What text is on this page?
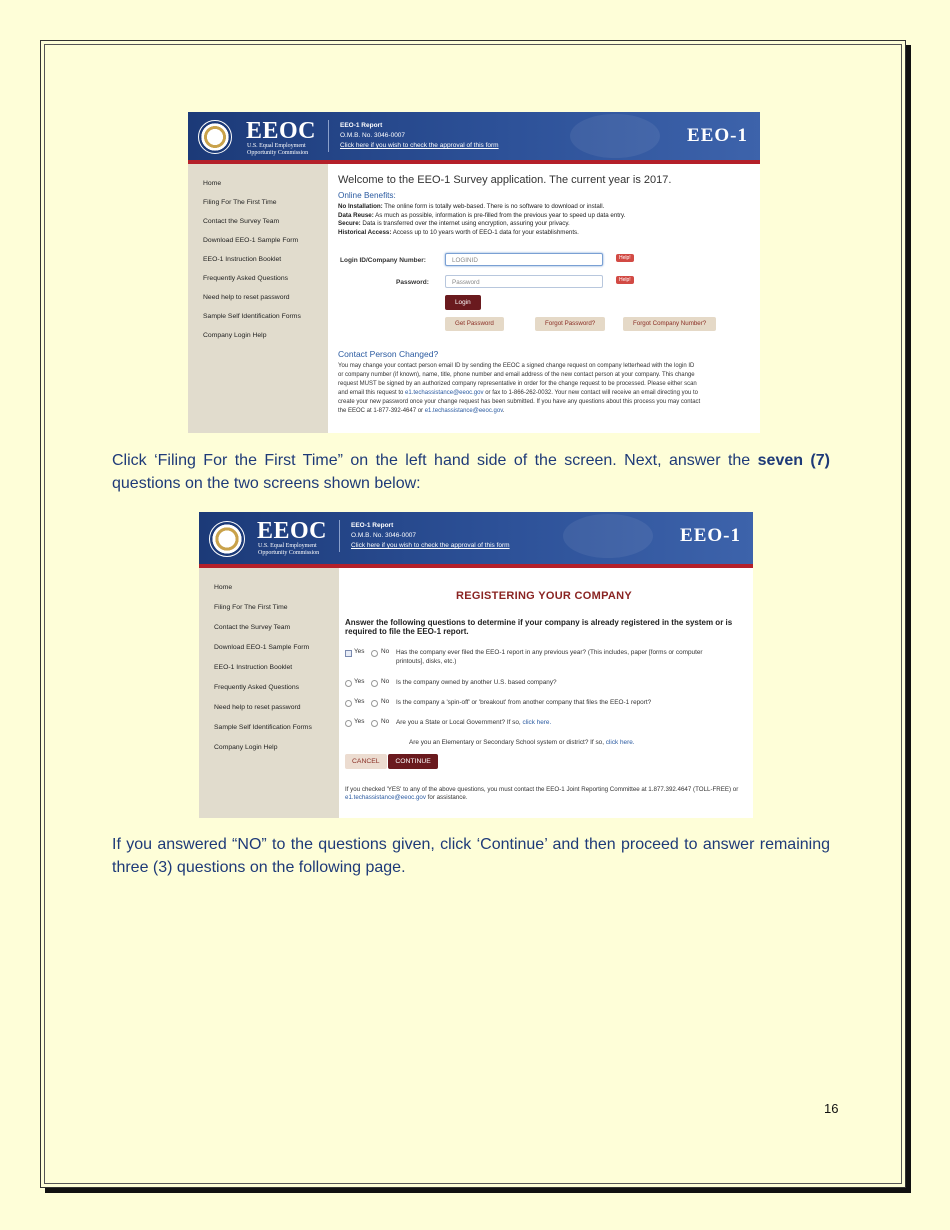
EEOC
U.S. Equal Employment
Opportunity Commission
EEO-1 Report
O.M.B. No. 3046-0007
Click here if you wish to check the approval of this form	EEO-1
Home
Filing For The First Time
Contact the Survey Team
Download EEO-1 Sample Form
EEO-1 Instruction Booklet
Frequently Asked Questions
Need help to reset password
Sample Self Identification Forms
Company Login Help
Welcome to the EEO-1 Survey application. The current year is 2017.
Online Benefits:
No Installation: The online form is totally web-based. There is no software to download or install.
Data Reuse: As much as possible, information is pre-filled from the previous year to speed up data entry.
Secure: Data is transferred over the internet using encryption, assuring your privacy.
Historical Access: Access up to 10 years worth of EEO-1 data for your establishments.
Login ID/Company Number:	LOGINID	Help!
Password:	Password	Help!
Login
Get Password	Forgot Password?	Forgot Company Number?
Contact Person Changed?
You may change your contact person email ID by sending the EEOC a signed change request on company letterhead with the login ID
or company number (if known), name, title, phone number and email address of the new contact person at your company. This change
request MUST be signed by an authorized company representative in order for the change request to be processed. Please either scan
and email this request to e1.techassistance@eeoc.gov or fax to 1-866-262-0032. Your new contact will receive an email directing you to
create your new password once your change request has been submitted. If you have any questions about this process you may contact
the EEOC at 1-877-392-4647 or e1.techassistance@eeoc.gov.
Click ‘Filing For the First Time” on the left hand side of the screen. Next, answer the seven (7) questions on the two screens shown below:
EEOC
U.S. Equal Employment
Opportunity Commission
EEO-1 Report
O.M.B. No. 3046-0007
Click here if you wish to check the approval of this form	EEO-1
Home
Filing For The First Time
Contact the Survey Team
Download EEO-1 Sample Form
EEO-1 Instruction Booklet
Frequently Asked Questions
Need help to reset password
Sample Self Identification Forms
Company Login Help
REGISTERING YOUR COMPANY
Answer the following questions to determine if your company is already registered in the system or is required to file the EEO-1 report.
Yes	No Has the company ever filed the EEO-1 report in any previous year? (This includes, paper [forms or computer printouts], disks, etc.)
Yes	No Is the company owned by another U.S. based company?
Yes	No Is the company a 'spin-off' or 'breakout' from another company that files the EEO-1 report?
Yes	No Are you a State or Local Government? If so, click here.
Are you an Elementary or Secondary School system or district? If so, click here.
CANCEL CONTINUE
If you checked 'YES' to any of the above questions, you must contact the EEO-1 Joint Reporting Committee at 1.877.392.4647 (TOLL-FREE) or e1.techassistance@eeoc.gov for assistance.
If you answered “NO” to the questions given, click ‘Continue’ and then proceed to answer remaining three (3) questions on the following page.
16
